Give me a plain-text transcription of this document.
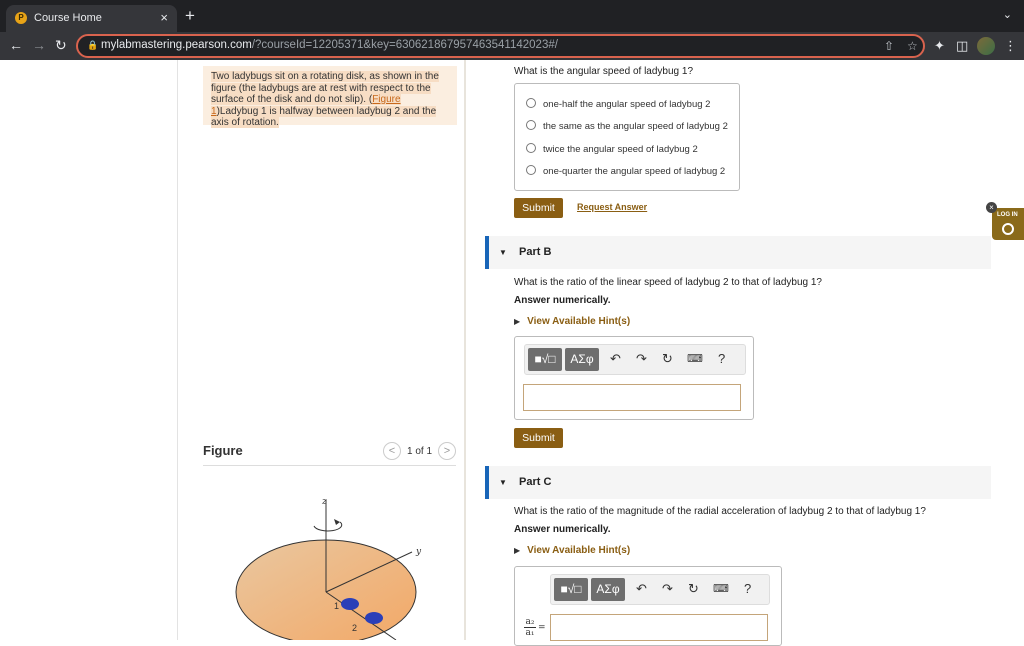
P Course Home	× +	⌄
← → ↻ 🔒 mylabmastering.pearson.com/?courseId=12205371&key=630621867957463541142023#/	⇧ ☆ ✦ ◫	⋮

Two ladybugs sit on a rotating disk, as shown in the figure (the ladybugs are at rest with respect to the surface of the disk and do not slip). (Figure 1)Ladybug 1 is halfway between ladybug 2 and the axis of rotation.

Figure	<	1 of 1	>
z
y
1
2
What is the angular speed of ladybug 1?
one-half the angular speed of ladybug 2
the same as the angular speed of ladybug 2
twice the angular speed of ladybug 2
one-quarter the angular speed of ladybug 2
Submit	Request Answer
▼ Part B
What is the ratio of the linear speed of ladybug 2 to that of ladybug 1?
Answer numerically.
▶ View Available Hint(s)
■√□	ΑΣφ	↶ ↷ ↻ ⌨ ?
Submit
▼ Part C
What is the ratio of the magnitude of the radial acceleration of ladybug 2 to that of ladybug 1?
Answer numerically.
▶ View Available Hint(s)
■√□	ΑΣφ	↶ ↷ ↻ ⌨ ?
$\frac{\text{a₂}}{\text{a₁}}$ =
LOG IN
×
